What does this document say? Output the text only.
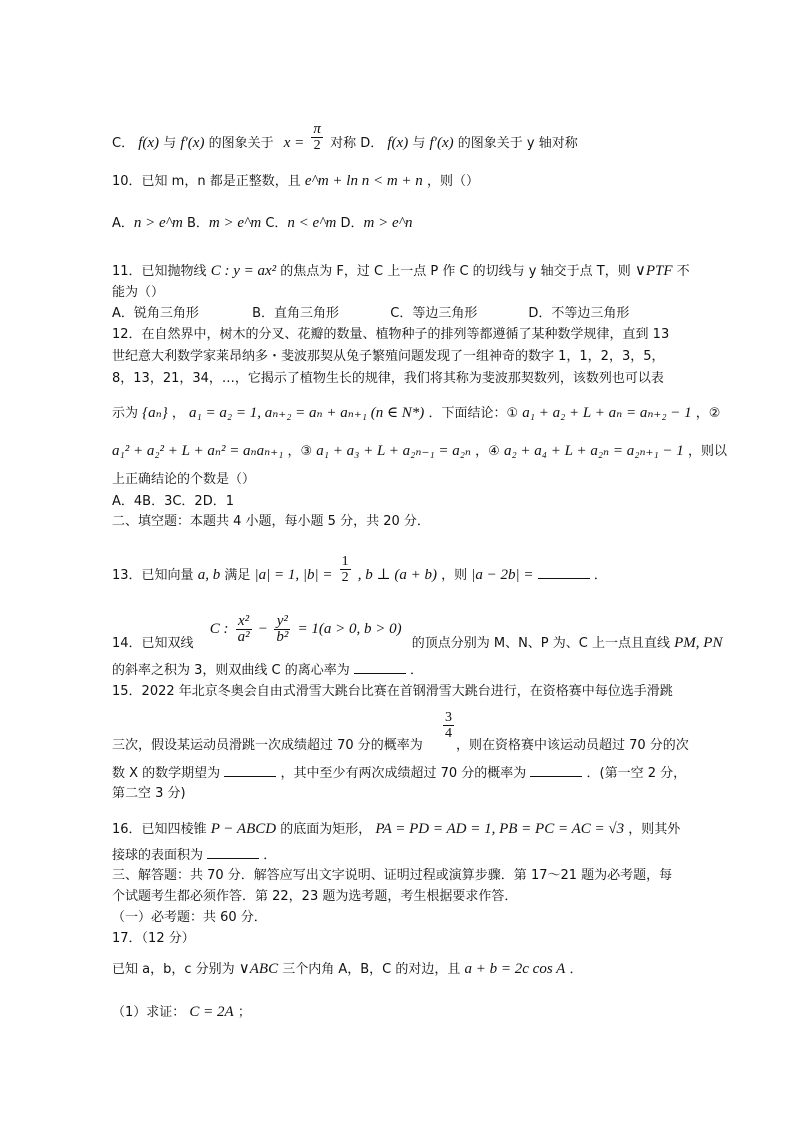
C． f(x) 与 f′(x) 的图象关于 $x = \frac{\pi}{2}$ 对称 D． f(x) 与 f′(x) 的图象关于 y 轴对称
10．已知 m，n 都是正整数，且 e^m + ln n < m + n ，则（）
A．n > e^m B．m > e^m C．n < e^m D．m > e^n
11．已知抛物线 C : y = ax² 的焦点为 F，过 C 上一点 P 作 C 的切线与 y 轴交于点 T，则 ∨PTF 不
能为（）
A．锐角三角形	B．直角三角形	C．等边三角形	D．不等边三角形
12．在自然界中，树木的分叉、花瓣的数量、植物种子的排列等都遵循了某种数学规律，直到 13
世纪意大利数学家莱昂纳多・斐波那契从兔子繁殖问题发现了一组神奇的数字 1，1，2，3，5，
8，13，21，34，…，它揭示了植物生长的规律，我们将其称为斐波那契数列，该数列也可以表
示为 {aₙ} ， a₁ = a₂ = 1, aₙ₊₂ = aₙ + aₙ₊₁ (n ∈ N*) ．下面结论：① a₁ + a₂ + L + aₙ = aₙ₊₂ − 1 ，②
a₁² + a₂² + L + aₙ² = aₙaₙ₊₁ ，③ a₁ + a₃ + L + a₂ₙ₋₁ = a₂ₙ ，④ a₂ + a₄ + L + a₂ₙ = a₂ₙ₊₁ − 1 ，则以
上正确结论的个数是（）
A．4B．3C．2D．1
二、填空题：本题共 4 小题，每小题 5 分，共 20 分．
13．已知向量 a, b 满足 |a| = 1, $|b| = \frac{1}{2}$ , b ⊥ (a + b) ，则 |a − 2b| =	．
14．已知双线 C : $\frac{\text{x²}}{\text{a²}} - \frac{\text{y²}}{\text{b²}} = 1(a > 0$, b > 0) 的顶点分别为 M、N、P 为、C 上一点且直线 PM, PN
的斜率之积为 3，则双曲线 C 的离心率为	．
15．2022 年北京冬奥会自由式滑雪大跳台比赛在首钢滑雪大跳台进行，在资格赛中每位选手滑跳
$\frac{3}{4}$
三次，假设某运动员滑跳一次成绩超过 70 分的概率为	，则在资格赛中该运动员超过 70 分的次
数 X 的数学期望为	，其中至少有两次成绩超过 70 分的概率为	．(第一空 2 分，
第二空 3 分)
16．已知四棱锥 P − ABCD 的底面为矩形， PA = PD = AD = 1, PB = PC = AC = √3 ，则其外
接球的表面积为	．
三、解答题：共 70 分．解答应写出文字说明、证明过程或演算步骤．第 17～21 题为必考题，每
个试题考生都必须作答．第 22，23 题为选考题，考生根据要求作答．
（一）必考题：共 60 分．
17．（12 分）
已知 a，b，c 分别为 ∨ABC 三个内角 A，B，C 的对边，且 a + b = 2c cos A ．
（1）求证： C = 2A ；
